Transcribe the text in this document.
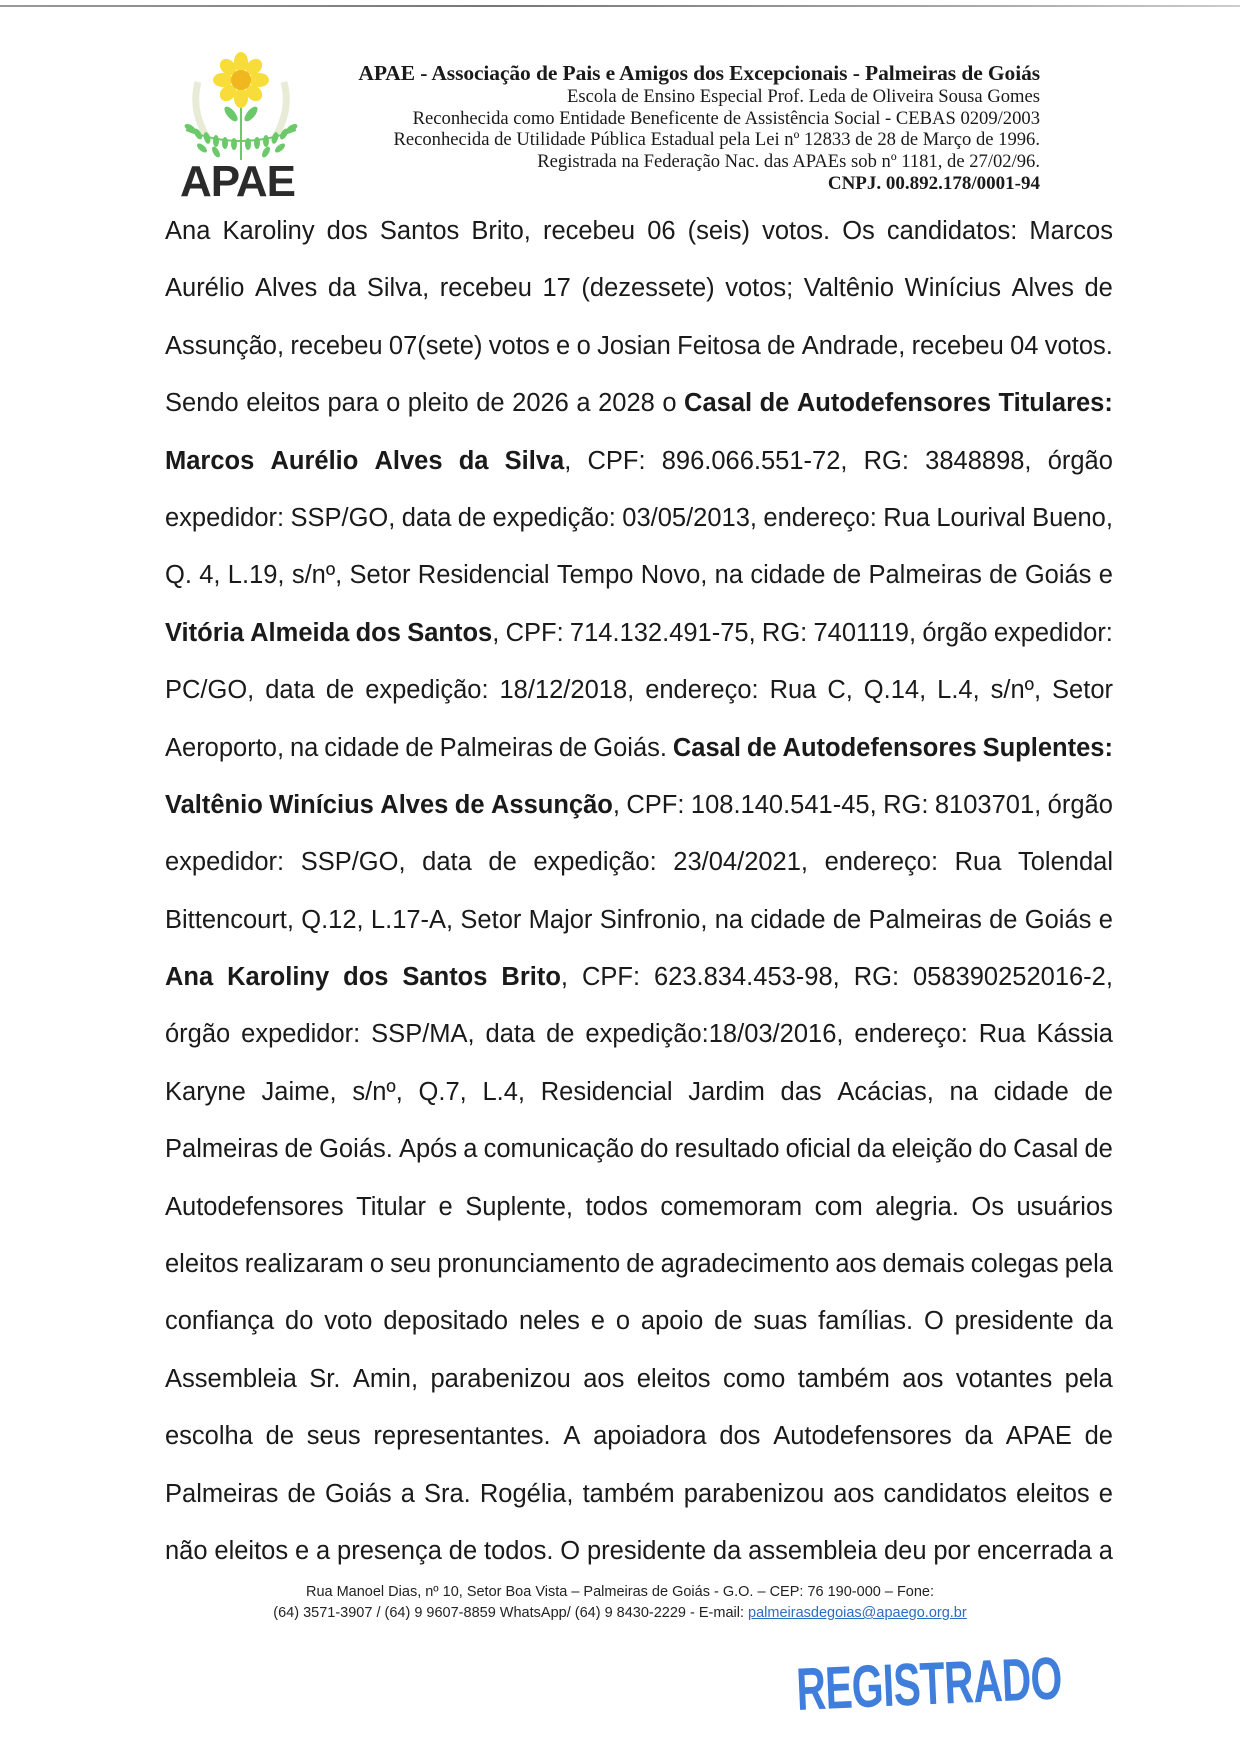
APAE
APAE - Associação de Pais e Amigos dos Excepcionais - Palmeiras de Goiás
Escola de Ensino Especial Prof. Leda de Oliveira Sousa Gomes
Reconhecida como Entidade Beneficente de Assistência Social - CEBAS 0209/2003
Reconhecida de Utilidade Pública Estadual pela Lei nº 12833 de 28 de Março de 1996.
Registrada na Federação Nac. das APAEs sob nº 1181, de 27/02/96.
CNPJ. 00.892.178/0001-94
Ana Karoliny dos Santos Brito, recebeu 06 (seis) votos. Os candidatos: Marcos
Aurélio Alves da Silva, recebeu 17 (dezessete) votos; Valtênio Winícius Alves de
Assunção, recebeu 07(sete) votos e o Josian Feitosa de Andrade, recebeu 04 votos.
Sendo eleitos para o pleito de 2026 a 2028 o Casal de Autodefensores Titulares:
Marcos Aurélio Alves da Silva, CPF: 896.066.551-72, RG: 3848898, órgão
expedidor: SSP/GO, data de expedição: 03/05/2013, endereço: Rua Lourival Bueno,
Q. 4, L.19, s/nº, Setor Residencial Tempo Novo, na cidade de Palmeiras de Goiás e
Vitória Almeida dos Santos, CPF: 714.132.491-75, RG: 7401119, órgão expedidor:
PC/GO, data de expedição: 18/12/2018, endereço: Rua C, Q.14, L.4, s/nº, Setor
Aeroporto, na cidade de Palmeiras de Goiás. Casal de Autodefensores Suplentes:
Valtênio Winícius Alves de Assunção, CPF: 108.140.541-45, RG: 8103701, órgão
expedidor: SSP/GO, data de expedição: 23/04/2021, endereço: Rua Tolendal
Bittencourt, Q.12, L.17-A, Setor Major Sinfronio, na cidade de Palmeiras de Goiás e
Ana Karoliny dos Santos Brito, CPF: 623.834.453-98, RG: 058390252016-2,
órgão expedidor: SSP/MA, data de expedição:18/03/2016, endereço: Rua Kássia
Karyne Jaime, s/nº, Q.7, L.4, Residencial Jardim das Acácias, na cidade de
Palmeiras de Goiás. Após a comunicação do resultado oficial da eleição do Casal de
Autodefensores Titular e Suplente, todos comemoram com alegria. Os usuários
eleitos realizaram o seu pronunciamento de agradecimento aos demais colegas pela
confiança do voto depositado neles e o apoio de suas famílias. O presidente da
Assembleia Sr. Amin, parabenizou aos eleitos como também aos votantes pela
escolha de seus representantes. A apoiadora dos Autodefensores da APAE de
Palmeiras de Goiás a Sra. Rogélia, também parabenizou aos candidatos eleitos e
não eleitos e a presença de todos. O presidente da assembleia deu por encerrada a
Rua Manoel Dias, nº 10, Setor Boa Vista – Palmeiras de Goiás - G.O. – CEP: 76 190-000 – Fone:
(64) 3571-3907 / (64) 9 9607-8859 WhatsApp/ (64) 9 8430-2229 - E-mail: palmeirasdegoias@apaego.org.br
REGISTRADO
